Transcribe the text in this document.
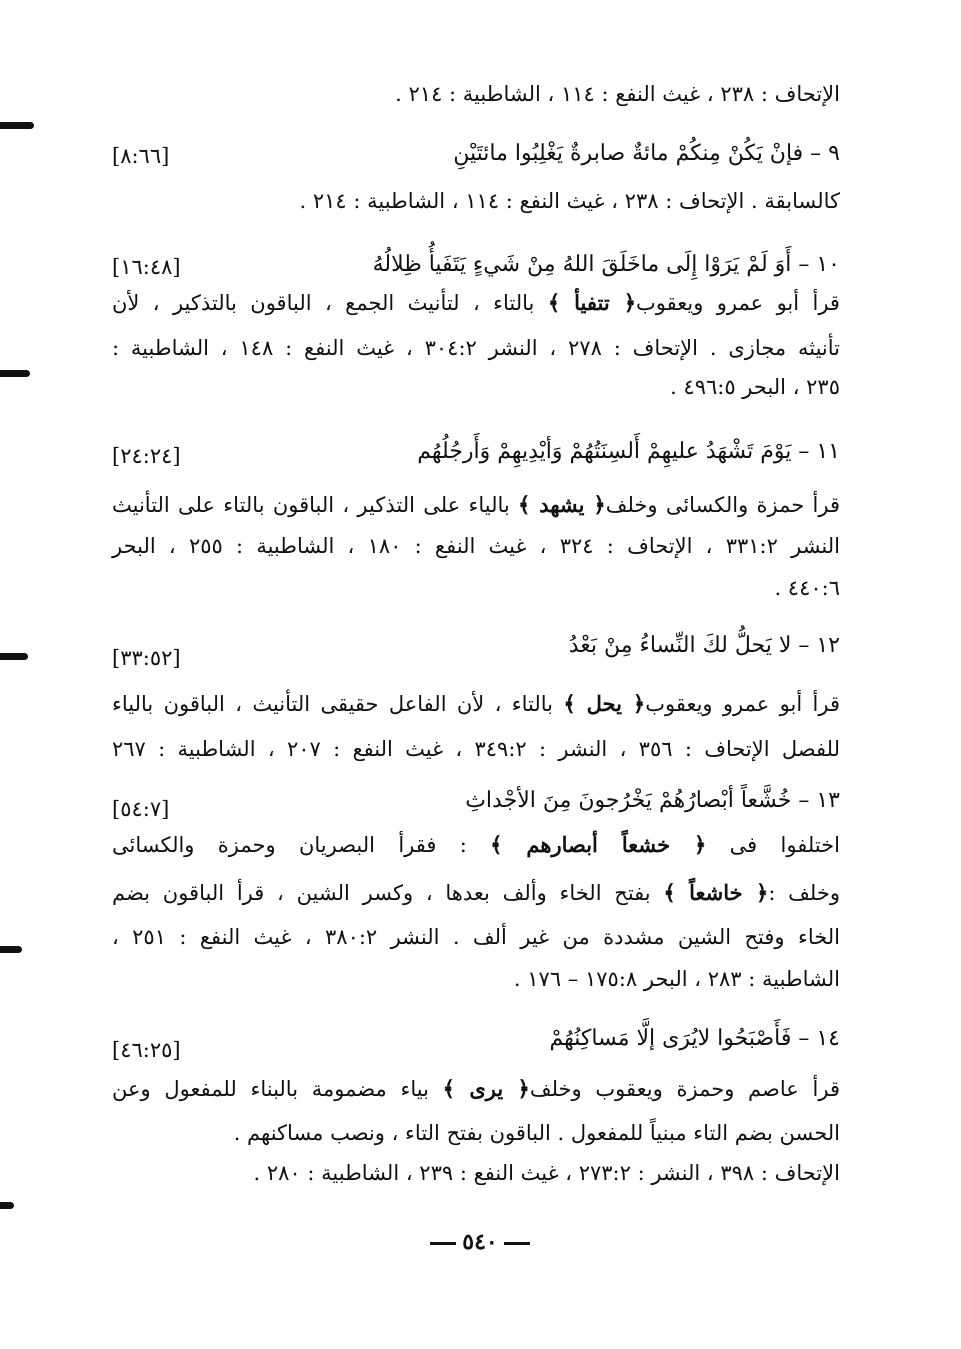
الإتحاف : ٢٣٨ ، غيث النفع : ١١٤ ، الشاطبية : ٢١٤ .
٩ – فإنْ يَكُنْ مِنكُمْ مائةٌ صابرةٌ يَغْلِبُوا مائتَيْنِ
[٨:٦٦]
كالسابقة . الإتحاف : ٢٣٨ ، غيث النفع : ١١٤ ، الشاطبية : ٢١٤ .
١٠ – أَوَ لَمْ يَرَوْا إِلَى ماخَلَقَ اللهُ مِنْ شَيءٍ يَتَفَيأُ ظِلالُهُ
[١٦:٤٨]
قرأ أبو عمرو ويعقوب﴿ تتفيأ ﴾ بالتاء ، لتأنيث الجمع ، الباقون بالتذكير ، لأن
تأنيثه مجازى . الإتحاف : ٢٧٨ ، النشر ٣٠٤:٢ ، غيث النفع : ١٤٨ ، الشاطبية :
٢٣٥ ، البحر ٤٩٦:٥ .
١١ – يَوْمَ تَشْهَدُ عليهِمْ أَلسِنَتُهُمْ وَأيْدِيهِمْ وَأَرجُلُهُم
[٢٤:٢٤]
قرأ حمزة والكسائى وخلف﴿ يشهد ﴾ بالياء على التذكير ، الباقون بالتاء على التأنيث
النشر ٣٣١:٢ ، الإتحاف : ٣٢٤ ، غيث النفع : ١٨٠ ، الشاطبية : ٢٥٥ ، البحر
٤٤٠:٦ .
١٢ – لا يَحلُّ لكَ النِّساءُ مِنْ بَعْدُ
[٣٣:٥٢]
قرأ أبو عمرو ويعقوب﴿ يحل ﴾ بالتاء ، لأن الفاعل حقيقى التأنيث ، الباقون بالياء
للفصل الإتحاف : ٣٥٦ ، النشر : ٣٤٩:٢ ، غيث النفع : ٢٠٧ ، الشاطبية : ٢٦٧
١٣ – خُشَّعاً أبْصارُهُمْ يَخْرُجونَ مِنَ الأجْداثِ
[٥٤:٧]
اختلفوا فى ﴿ خشعاً أبصارهم ﴾ : فقرأ البصريان وحمزة والكسائى
وخلف :﴿ خاشعاً ﴾ بفتح الخاء وألف بعدها ، وكسر الشين ، قرأ الباقون بضم
الخاء وفتح الشين مشددة من غير ألف . النشر ٣٨٠:٢ ، غيث النفع : ٢٥١ ،
الشاطبية : ٢٨٣ ، البحر ١٧٥:٨ – ١٧٦ .
١٤ – فَأَصْبَحُوا لايُرَى إلَّا مَساكِنُهُمْ
[٤٦:٢٥]
قرأ عاصم وحمزة ويعقوب وخلف﴿ يرى ﴾ بياء مضمومة بالبناء للمفعول وعن
الحسن بضم التاء مبنياً للمفعول . الباقون بفتح التاء ، ونصب مساكنهم .
الإتحاف : ٣٩٨ ، النشر : ٢٧٣:٢ ، غيث النفع : ٢٣٩ ، الشاطبية : ٢٨٠ .
٥٤٠
